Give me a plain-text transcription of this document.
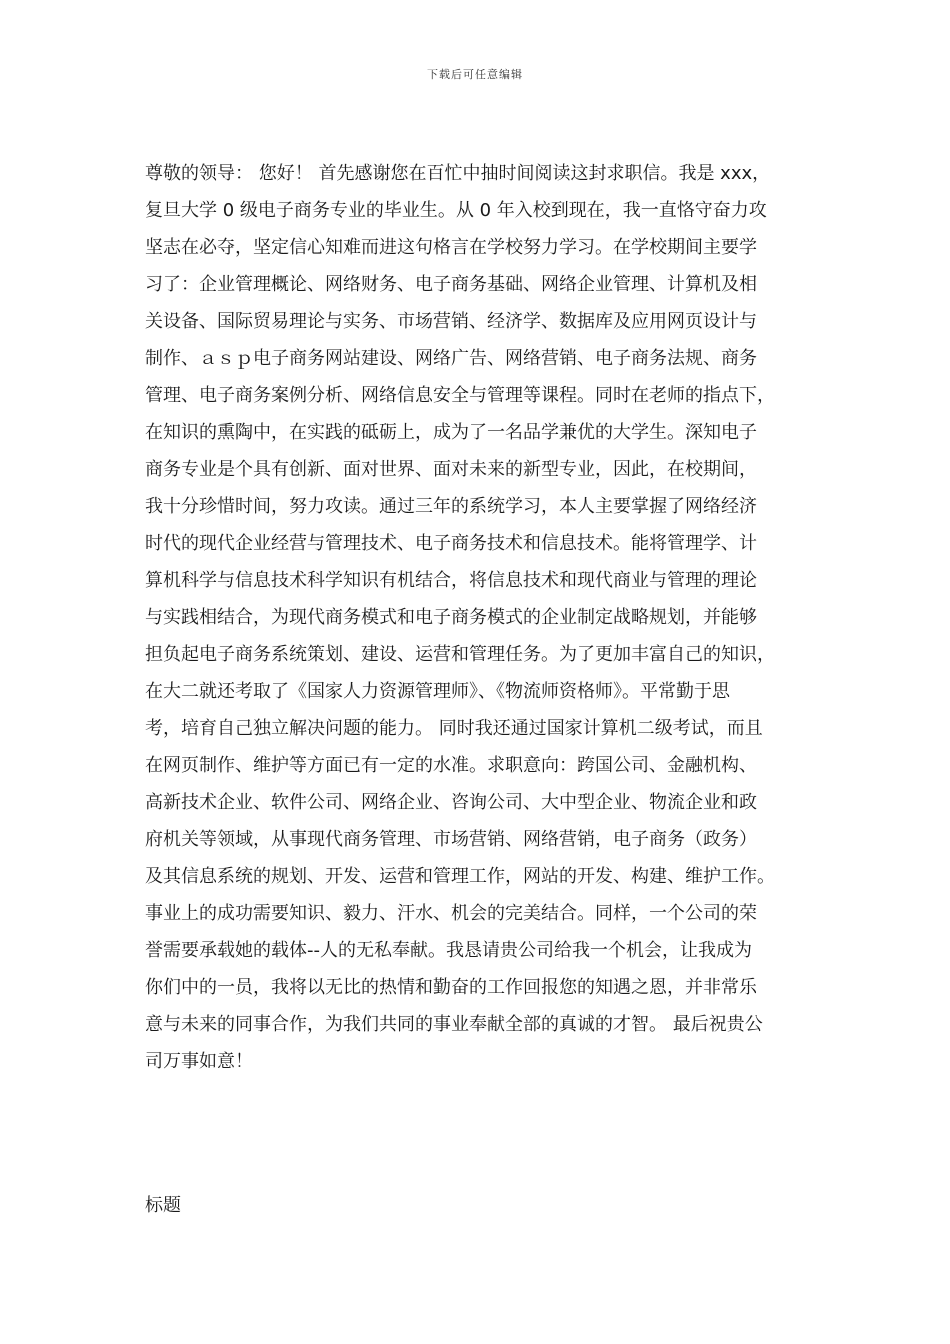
下载后可任意编辑
尊敬的领导： 您好！ 首先感谢您在百忙中抽时间阅读这封求职信。我是 xxx，
复旦大学 0 级电子商务专业的毕业生。从 0 年入校到现在，我一直恪守奋力攻
坚志在必夺，坚定信心知难而进这句格言在学校努力学习。在学校期间主要学
习了：企业管理概论、网络财务、电子商务基础、网络企业管理、计算机及相
关设备、国际贸易理论与实务、市场营销、经济学、数据库及应用网页设计与
制作、ａｓｐ电子商务网站建设、网络广告、网络营销、电子商务法规、商务
管理、电子商务案例分析、网络信息安全与管理等课程。同时在老师的指点下，
在知识的熏陶中，在实践的砥砺上，成为了一名品学兼优的大学生。深知电子
商务专业是个具有创新、面对世界、面对未来的新型专业，因此，在校期间，
我十分珍惜时间，努力攻读。通过三年的系统学习，本人主要掌握了网络经济
时代的现代企业经营与管理技术、电子商务技术和信息技术。能将管理学、计
算机科学与信息技术科学知识有机结合，将信息技术和现代商业与管理的理论
与实践相结合，为现代商务模式和电子商务模式的企业制定战略规划，并能够
担负起电子商务系统策划、建设、运营和管理任务。为了更加丰富自己的知识，
在大二就还考取了《国家人力资源管理师》、《物流师资格师》。平常勤于思
考，培育自己独立解决问题的能力。 同时我还通过国家计算机二级考试，而且
在网页制作、维护等方面已有一定的水准。求职意向：跨国公司、金融机构、
高新技术企业、软件公司、网络企业、咨询公司、大中型企业、物流企业和政
府机关等领域，从事现代商务管理、市场营销、网络营销，电子商务（政务）
及其信息系统的规划、开发、运营和管理工作，网站的开发、构建、维护工作。
事业上的成功需要知识、毅力、汗水、机会的完美结合。同样，一个公司的荣
誉需要承载她的载体--人的无私奉献。我恳请贵公司给我一个机会，让我成为
你们中的一员，我将以无比的热情和勤奋的工作回报您的知遇之恩，并非常乐
意与未来的同事合作，为我们共同的事业奉献全部的真诚的才智。 最后祝贵公
司万事如意！
标题
